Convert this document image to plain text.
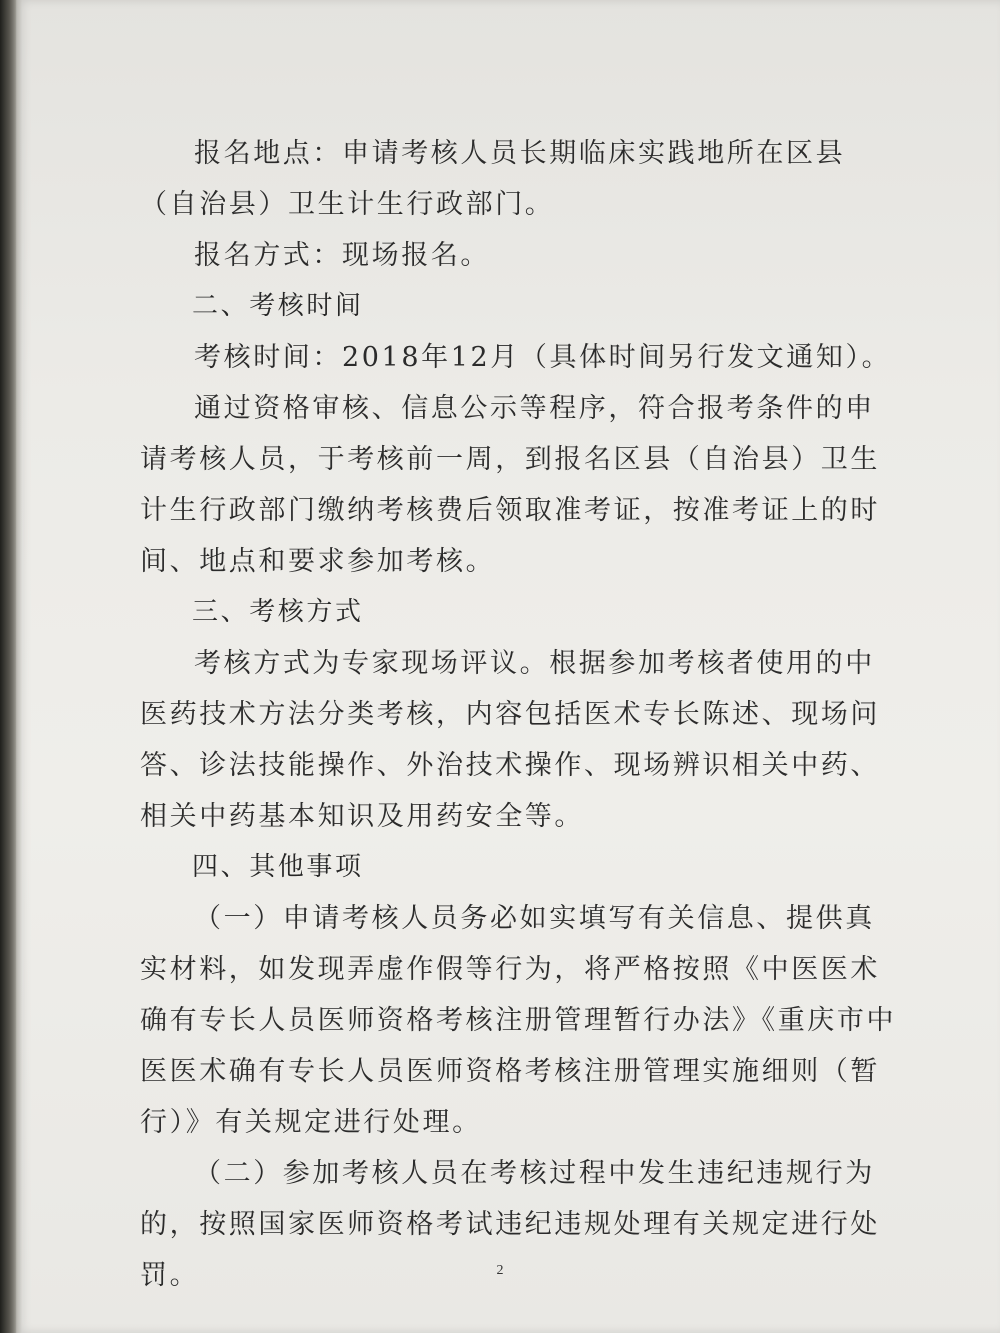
报名地点：申请考核人员长期临床实践地所在区县（自治县）卫生计生行政部门。

报名方式：现场报名。

二、考核时间

考核时间：2018年12月（具体时间另行发文通知）。

通过资格审核、信息公示等程序，符合报考条件的申请考核人员，于考核前一周，到报名区县（自治县）卫生计生行政部门缴纳考核费后领取准考证，按准考证上的时间、地点和要求参加考核。

三、考核方式

考核方式为专家现场评议。根据参加考核者使用的中医药技术方法分类考核，内容包括医术专长陈述、现场问答、诊法技能操作、外治技术操作、现场辨识相关中药、相关中药基本知识及用药安全等。

四、其他事项

（一）申请考核人员务必如实填写有关信息、提供真实材料，如发现弄虚作假等行为，将严格按照《中医医术确有专长人员医师资格考核注册管理暂行办法》《重庆市中医医术确有专长人员医师资格考核注册管理实施细则（暂行）》有关规定进行处理。

（二）参加考核人员在考核过程中发生违纪违规行为的，按照国家医师资格考试违纪违规处理有关规定进行处罚。	2
